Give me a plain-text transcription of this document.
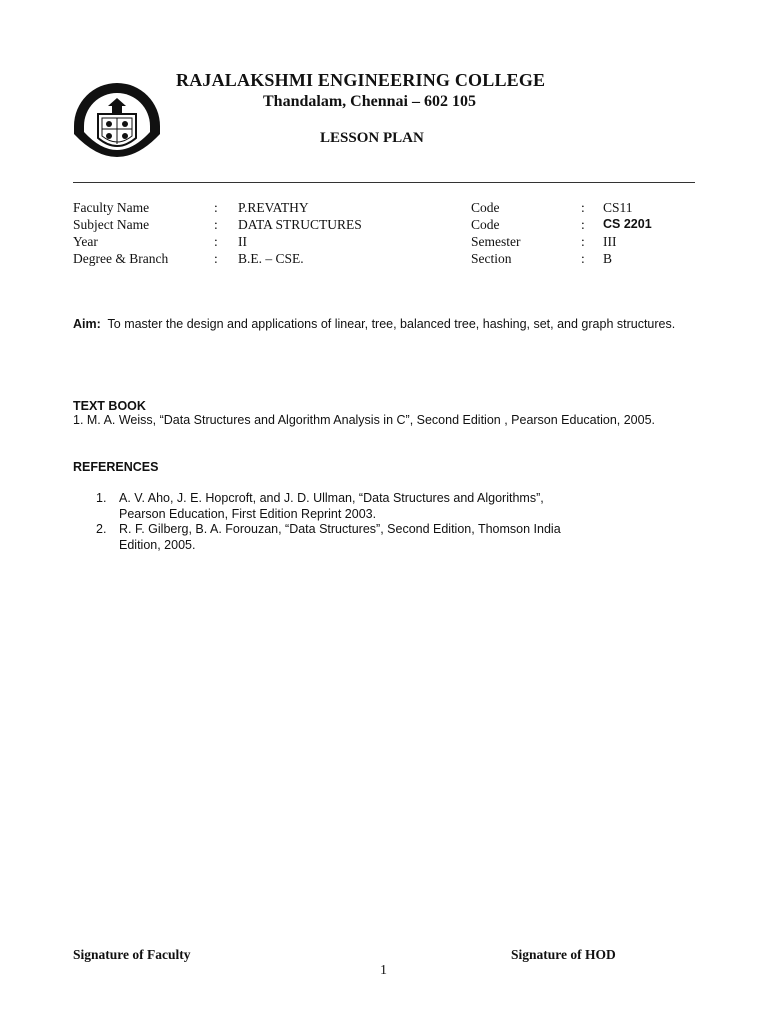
RAJALAKSHMI ENGINEERING COLLEGE
Thandalam, Chennai – 602 105
LESSON PLAN
Faculty Name	: P.REVATHY	Code	: CS11
Subject Name	: DATA STRUCTURES	Code	: CS 2201
Year	: II	Semester	: III
Degree & Branch	: B.E. – CSE.	Section	: B
Aim: To master the design and applications of linear, tree, balanced tree, hashing, set, and graph structures.
TEXT BOOK
1. M. A. Weiss, “Data Structures and Algorithm Analysis in C”, Second Edition , Pearson Education, 2005.
REFERENCES
1. A. V. Aho, J. E. Hopcroft, and J. D. Ullman, “Data Structures and Algorithms”,
Pearson Education, First Edition Reprint 2003.
2. R. F. Gilberg, B. A. Forouzan, “Data Structures”, Second Edition, Thomson India
Edition, 2005.
Signature of Faculty	Signature of HOD
1
